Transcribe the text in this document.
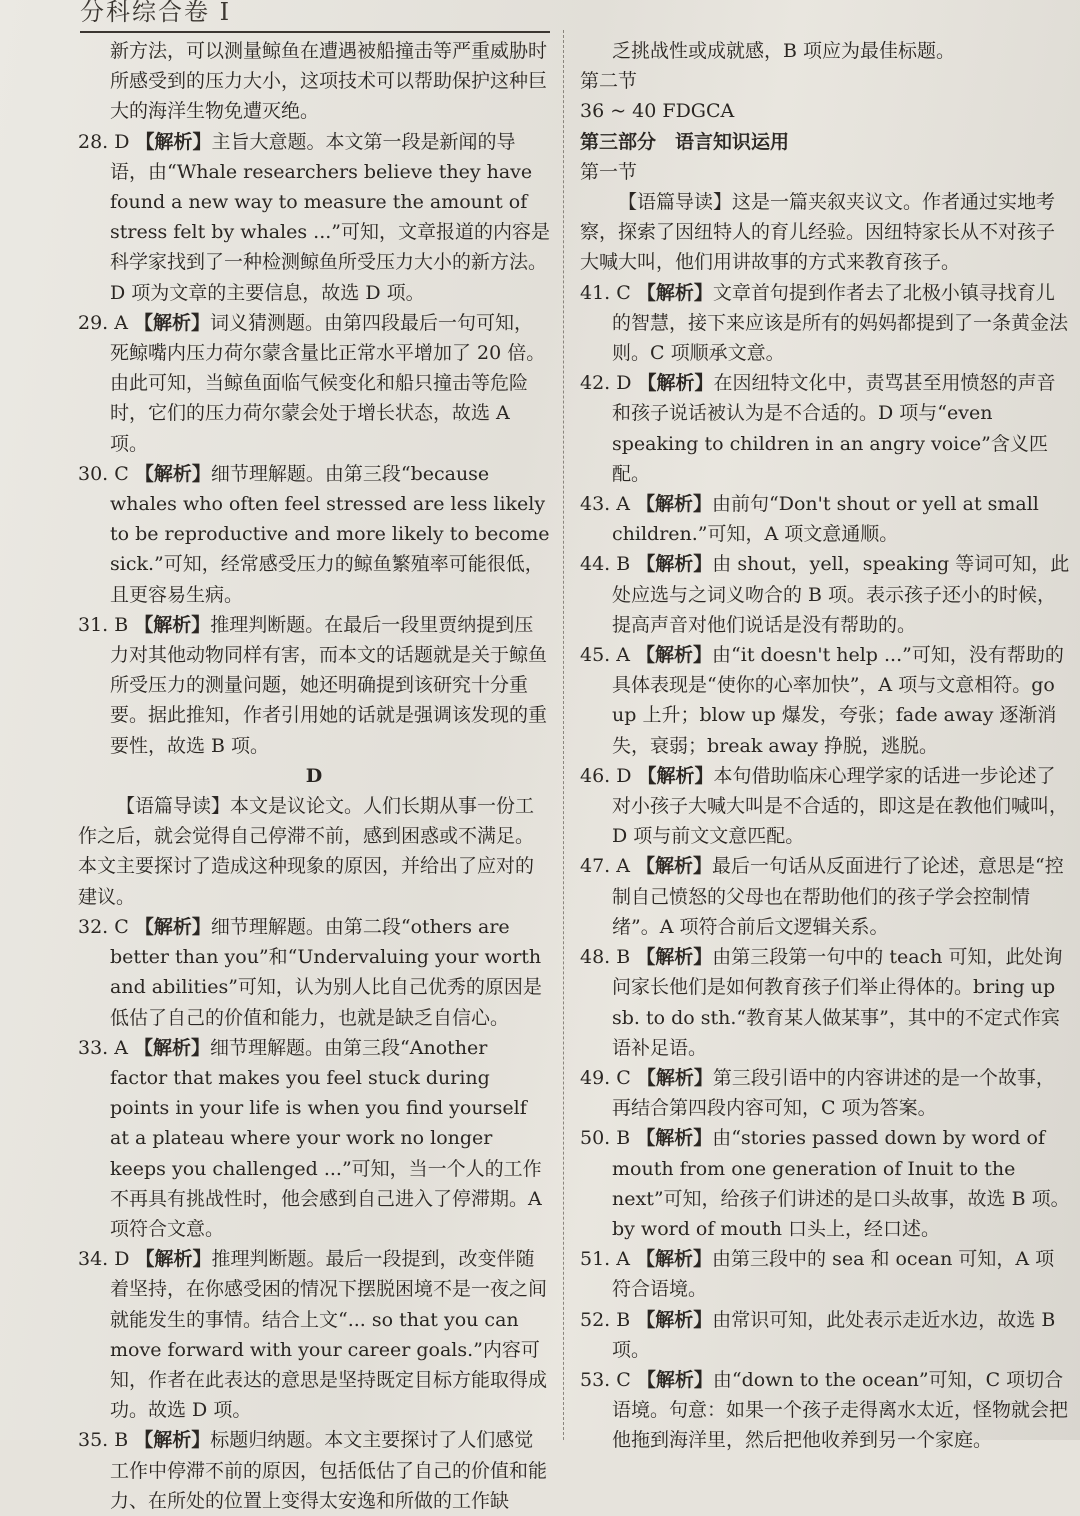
分科综合卷 I

新方法，可以测量鲸鱼在遭遇被船撞击等严重威胁时所感受到的压力大小，这项技术可以帮助保护这种巨大的海洋生物免遭灭绝。

28. D 【解析】主旨大意题。本文第一段是新闻的导语，由“Whale researchers believe they have found a new way to measure the amount of stress felt by whales ...”可知，文章报道的内容是科学家找到了一种检测鲸鱼所受压力大小的新方法。D 项为文章的主要信息，故选 D 项。

29. A 【解析】词义猜测题。由第四段最后一句可知，死鲸嘴内压力荷尔蒙含量比正常水平增加了 20 倍。由此可知，当鲸鱼面临气候变化和船只撞击等危险时，它们的压力荷尔蒙会处于增长状态，故选 A 项。

30. C 【解析】细节理解题。由第三段“because whales who often feel stressed are less likely to be reproductive and more likely to become sick.”可知，经常感受压力的鲸鱼繁殖率可能很低，且更容易生病。

31. B 【解析】推理判断题。在最后一段里贾纳提到压力对其他动物同样有害，而本文的话题就是关于鲸鱼所受压力的测量问题，她还明确提到该研究十分重要。据此推知，作者引用她的话就是强调该发现的重要性，故选 B 项。

D

【语篇导读】本文是议论文。人们长期从事一份工作之后，就会觉得自己停滞不前，感到困惑或不满足。本文主要探讨了造成这种现象的原因，并给出了应对的建议。

32. C 【解析】细节理解题。由第二段“others are better than you”和“Undervaluing your worth and abilities”可知，认为别人比自己优秀的原因是低估了自己的价值和能力，也就是缺乏自信心。

33. A 【解析】细节理解题。由第三段“Another factor that makes you feel stuck during points in your life is when you find yourself at a plateau where your work no longer keeps you challenged ...”可知，当一个人的工作不再具有挑战性时，他会感到自己进入了停滞期。A 项符合文意。

34. D 【解析】推理判断题。最后一段提到，改变伴随着坚持，在你感受困的情况下摆脱困境不是一夜之间就能发生的事情。结合上文“... so that you can move forward with your career goals.”内容可知，作者在此表达的意思是坚持既定目标方能取得成功。故选 D 项。

35. B 【解析】标题归纳题。本文主要探讨了人们感觉工作中停滞不前的原因，包括低估了自己的价值和能力、在所处的位置上变得太安逸和所做的工作缺

乏挑战性或成就感，B 项应为最佳标题。

第二节

36 ~ 40 FDGCA

第三部分　语言知识运用

第一节

【语篇导读】这是一篇夹叙夹议文。作者通过实地考察，探索了因纽特人的育儿经验。因纽特家长从不对孩子大喊大叫，他们用讲故事的方式来教育孩子。

41. C 【解析】文章首句提到作者去了北极小镇寻找育儿的智慧，接下来应该是所有的妈妈都提到了一条黄金法则。C 项顺承文意。

42. D 【解析】在因纽特文化中，责骂甚至用愤怒的声音和孩子说话被认为是不合适的。D 项与“even speaking to children in an angry voice”含义匹配。

43. A 【解析】由前句“Don't shout or yell at small children.”可知，A 项文意通顺。

44. B 【解析】由 shout，yell，speaking 等词可知，此处应选与之词义吻合的 B 项。表示孩子还小的时候，提高声音对他们说话是没有帮助的。

45. A 【解析】由“it doesn't help ...”可知，没有帮助的具体表现是“使你的心率加快”，A 项与文意相符。go up 上升；blow up 爆发，夸张；fade away 逐渐消失，衰弱；break away 挣脱，逃脱。

46. D 【解析】本句借助临床心理学家的话进一步论述了对小孩子大喊大叫是不合适的，即这是在教他们喊叫，D 项与前文文意匹配。

47. A 【解析】最后一句话从反面进行了论述，意思是“控制自己愤怒的父母也在帮助他们的孩子学会控制情绪”。A 项符合前后文逻辑关系。

48. B 【解析】由第三段第一句中的 teach 可知，此处询问家长他们是如何教育孩子们举止得体的。bring up sb. to do sth.“教育某人做某事”，其中的不定式作宾语补足语。

49. C 【解析】第三段引语中的内容讲述的是一个故事，再结合第四段内容可知，C 项为答案。

50. B 【解析】由“stories passed down by word of mouth from one generation of Inuit to the next”可知，给孩子们讲述的是口头故事，故选 B 项。by word of mouth 口头上，经口述。

51. A 【解析】由第三段中的 sea 和 ocean 可知，A 项符合语境。

52. B 【解析】由常识可知，此处表示走近水边，故选 B 项。

53. C 【解析】由“down to the ocean”可知，C 项切合语境。句意：如果一个孩子走得离水太近，怪物就会把他拖到海洋里，然后把他收养到另一个家庭。
